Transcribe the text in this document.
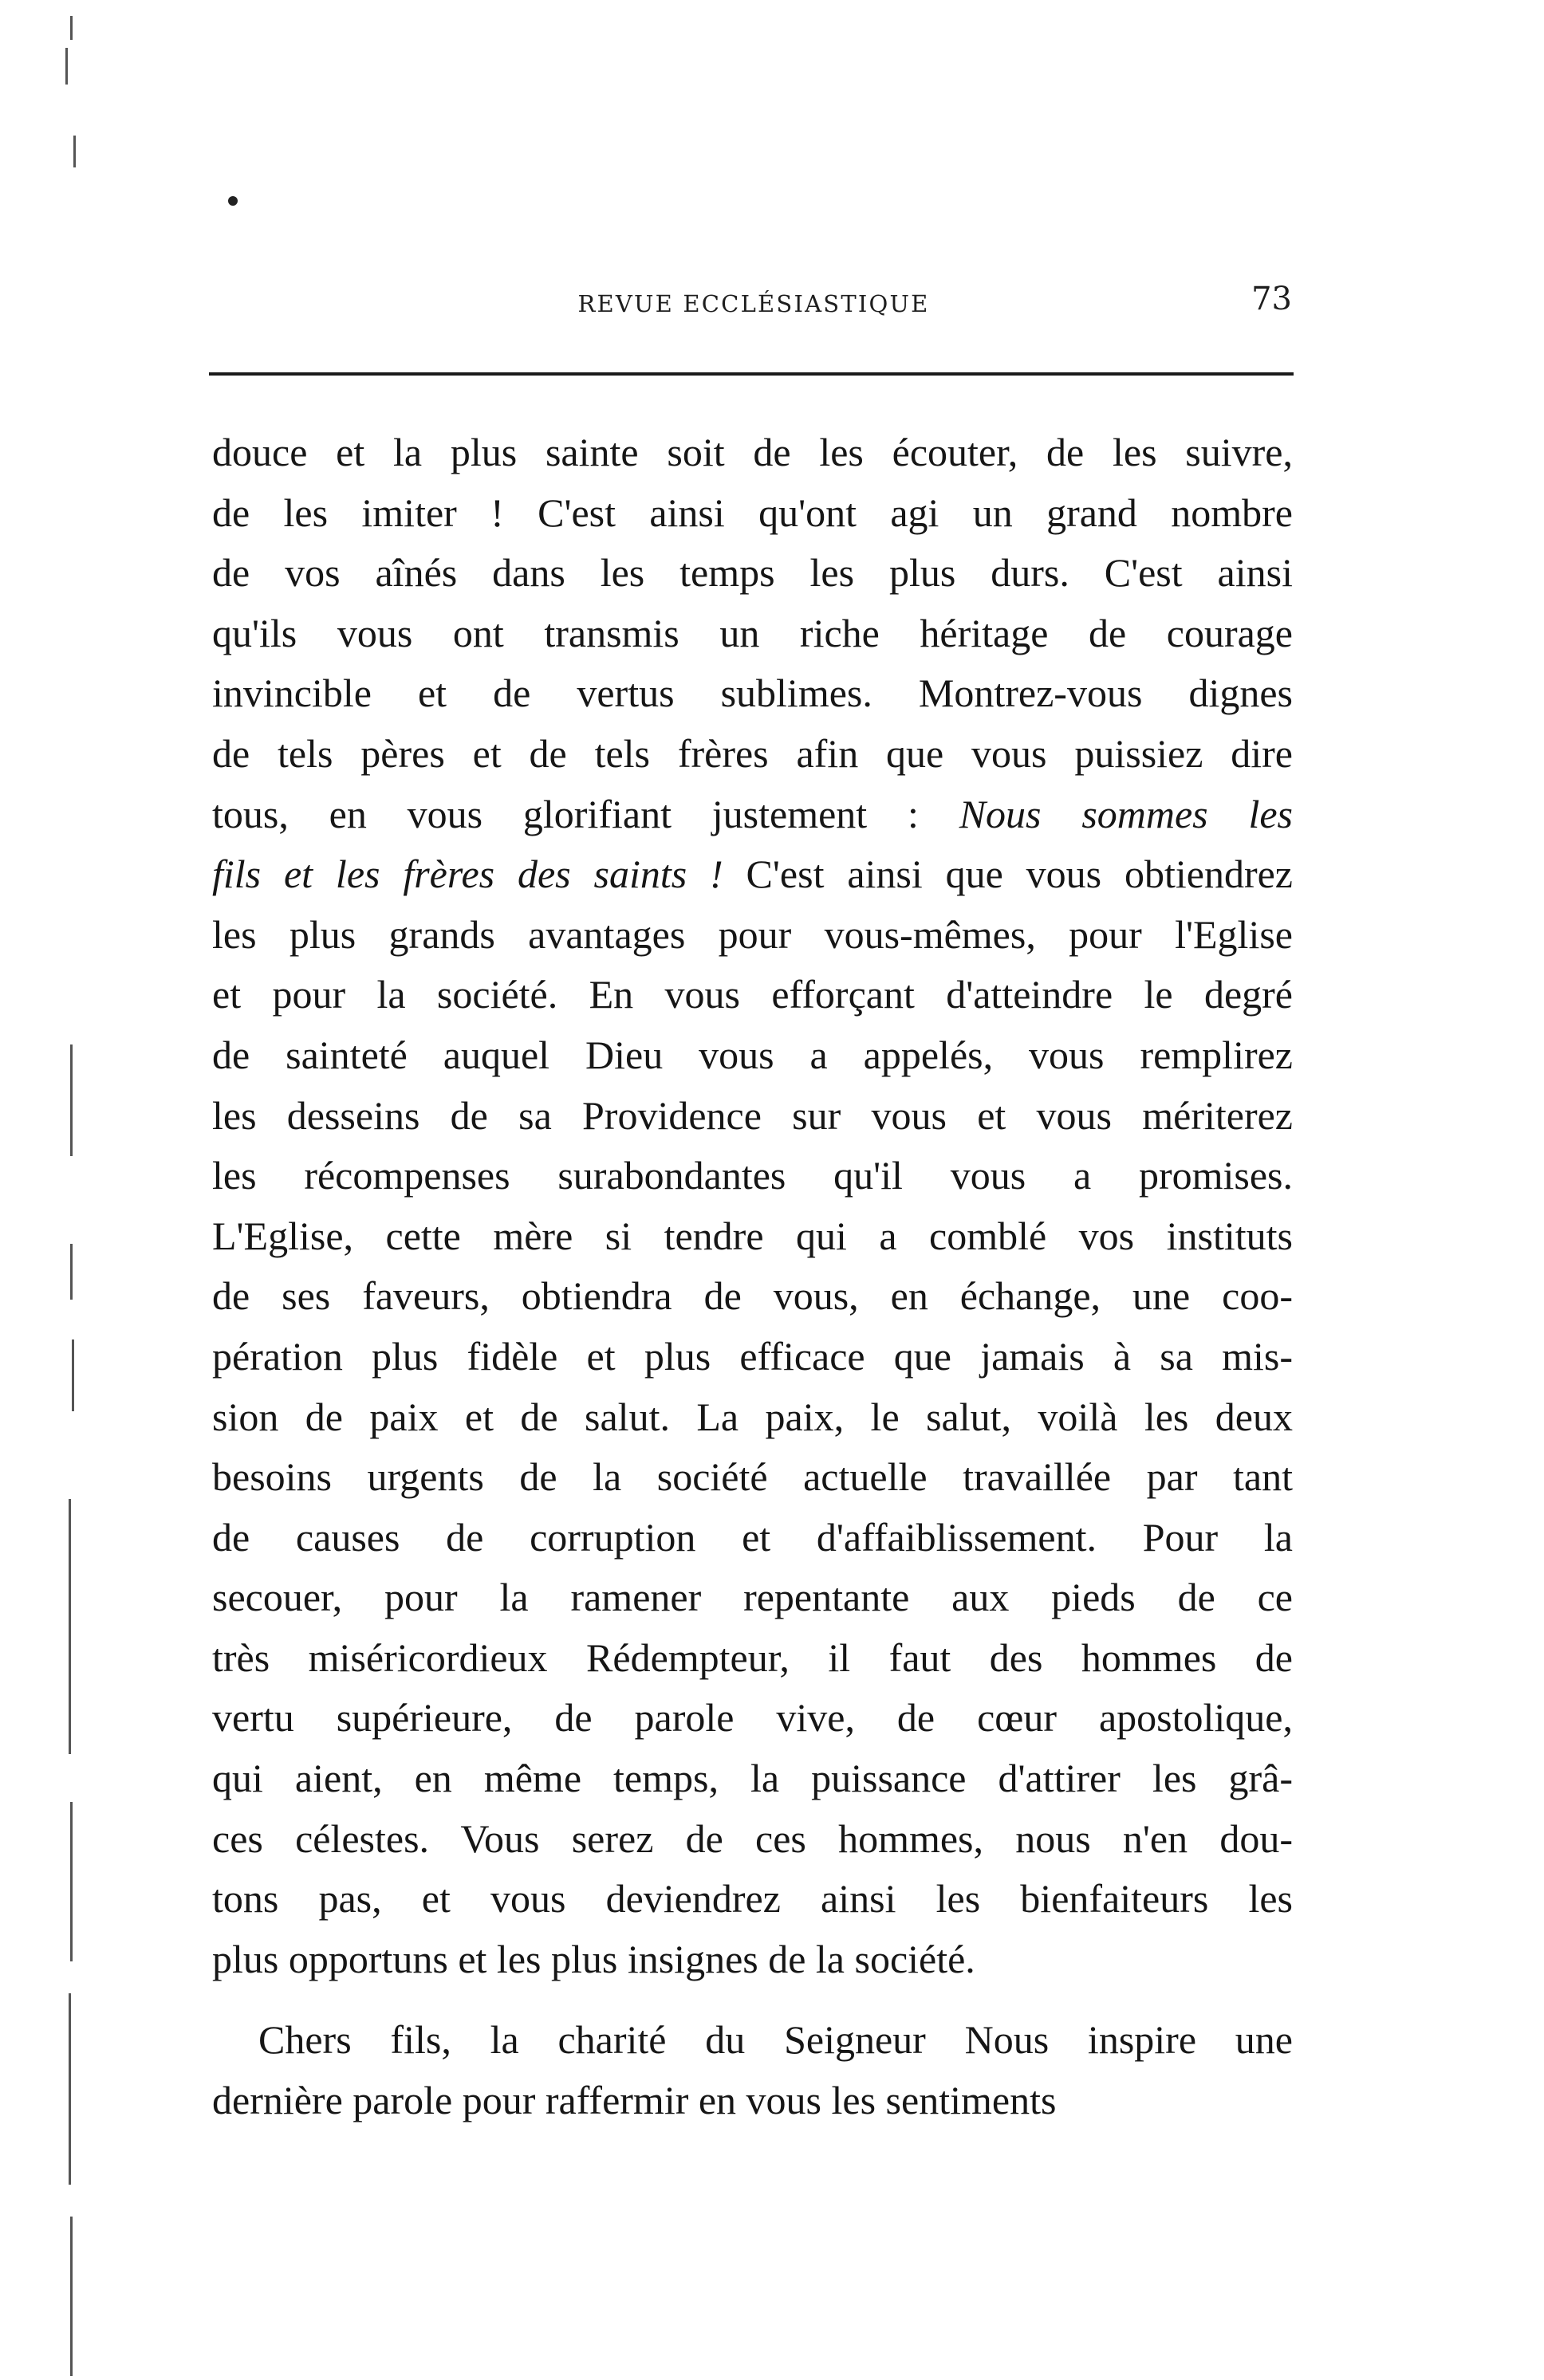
REVUE ECCLÉSIASTIQUE	73
douce et la plus sainte soit de les écouter, de les suivre,
de les imiter ! C'est ainsi qu'ont agi un grand nombre
de vos aînés dans les temps les plus durs. C'est ainsi
qu'ils vous ont transmis un riche héritage de courage
invincible et de vertus sublimes. Montrez-vous dignes
de tels pères et de tels frères afin que vous puissiez dire
tous, en vous glorifiant justement : Nous sommes les
fils et les frères des saints ! C'est ainsi que vous obtiendrez
les plus grands avantages pour vous-mêmes, pour l'Eglise
et pour la société. En vous efforçant d'atteindre le degré
de sainteté auquel Dieu vous a appelés, vous remplirez
les desseins de sa Providence sur vous et vous mériterez
les récompenses surabondantes qu'il vous a promises.
L'Eglise, cette mère si tendre qui a comblé vos instituts
de ses faveurs, obtiendra de vous, en échange, une coo-
pération plus fidèle et plus efficace que jamais à sa mis-
sion de paix et de salut. La paix, le salut, voilà les deux
besoins urgents de la société actuelle travaillée par tant
de causes de corruption et d'affaiblissement. Pour la
secouer, pour la ramener repentante aux pieds de ce
très miséricordieux Rédempteur, il faut des hommes de
vertu supérieure, de parole vive, de cœur apostolique,
qui aient, en même temps, la puissance d'attirer les grâ-
ces célestes. Vous serez de ces hommes, nous n'en dou-
tons pas, et vous deviendrez ainsi les bienfaiteurs les
plus opportuns et les plus insignes de la société.
Chers fils, la charité du Seigneur Nous inspire une
dernière parole pour raffermir en vous les sentiments
